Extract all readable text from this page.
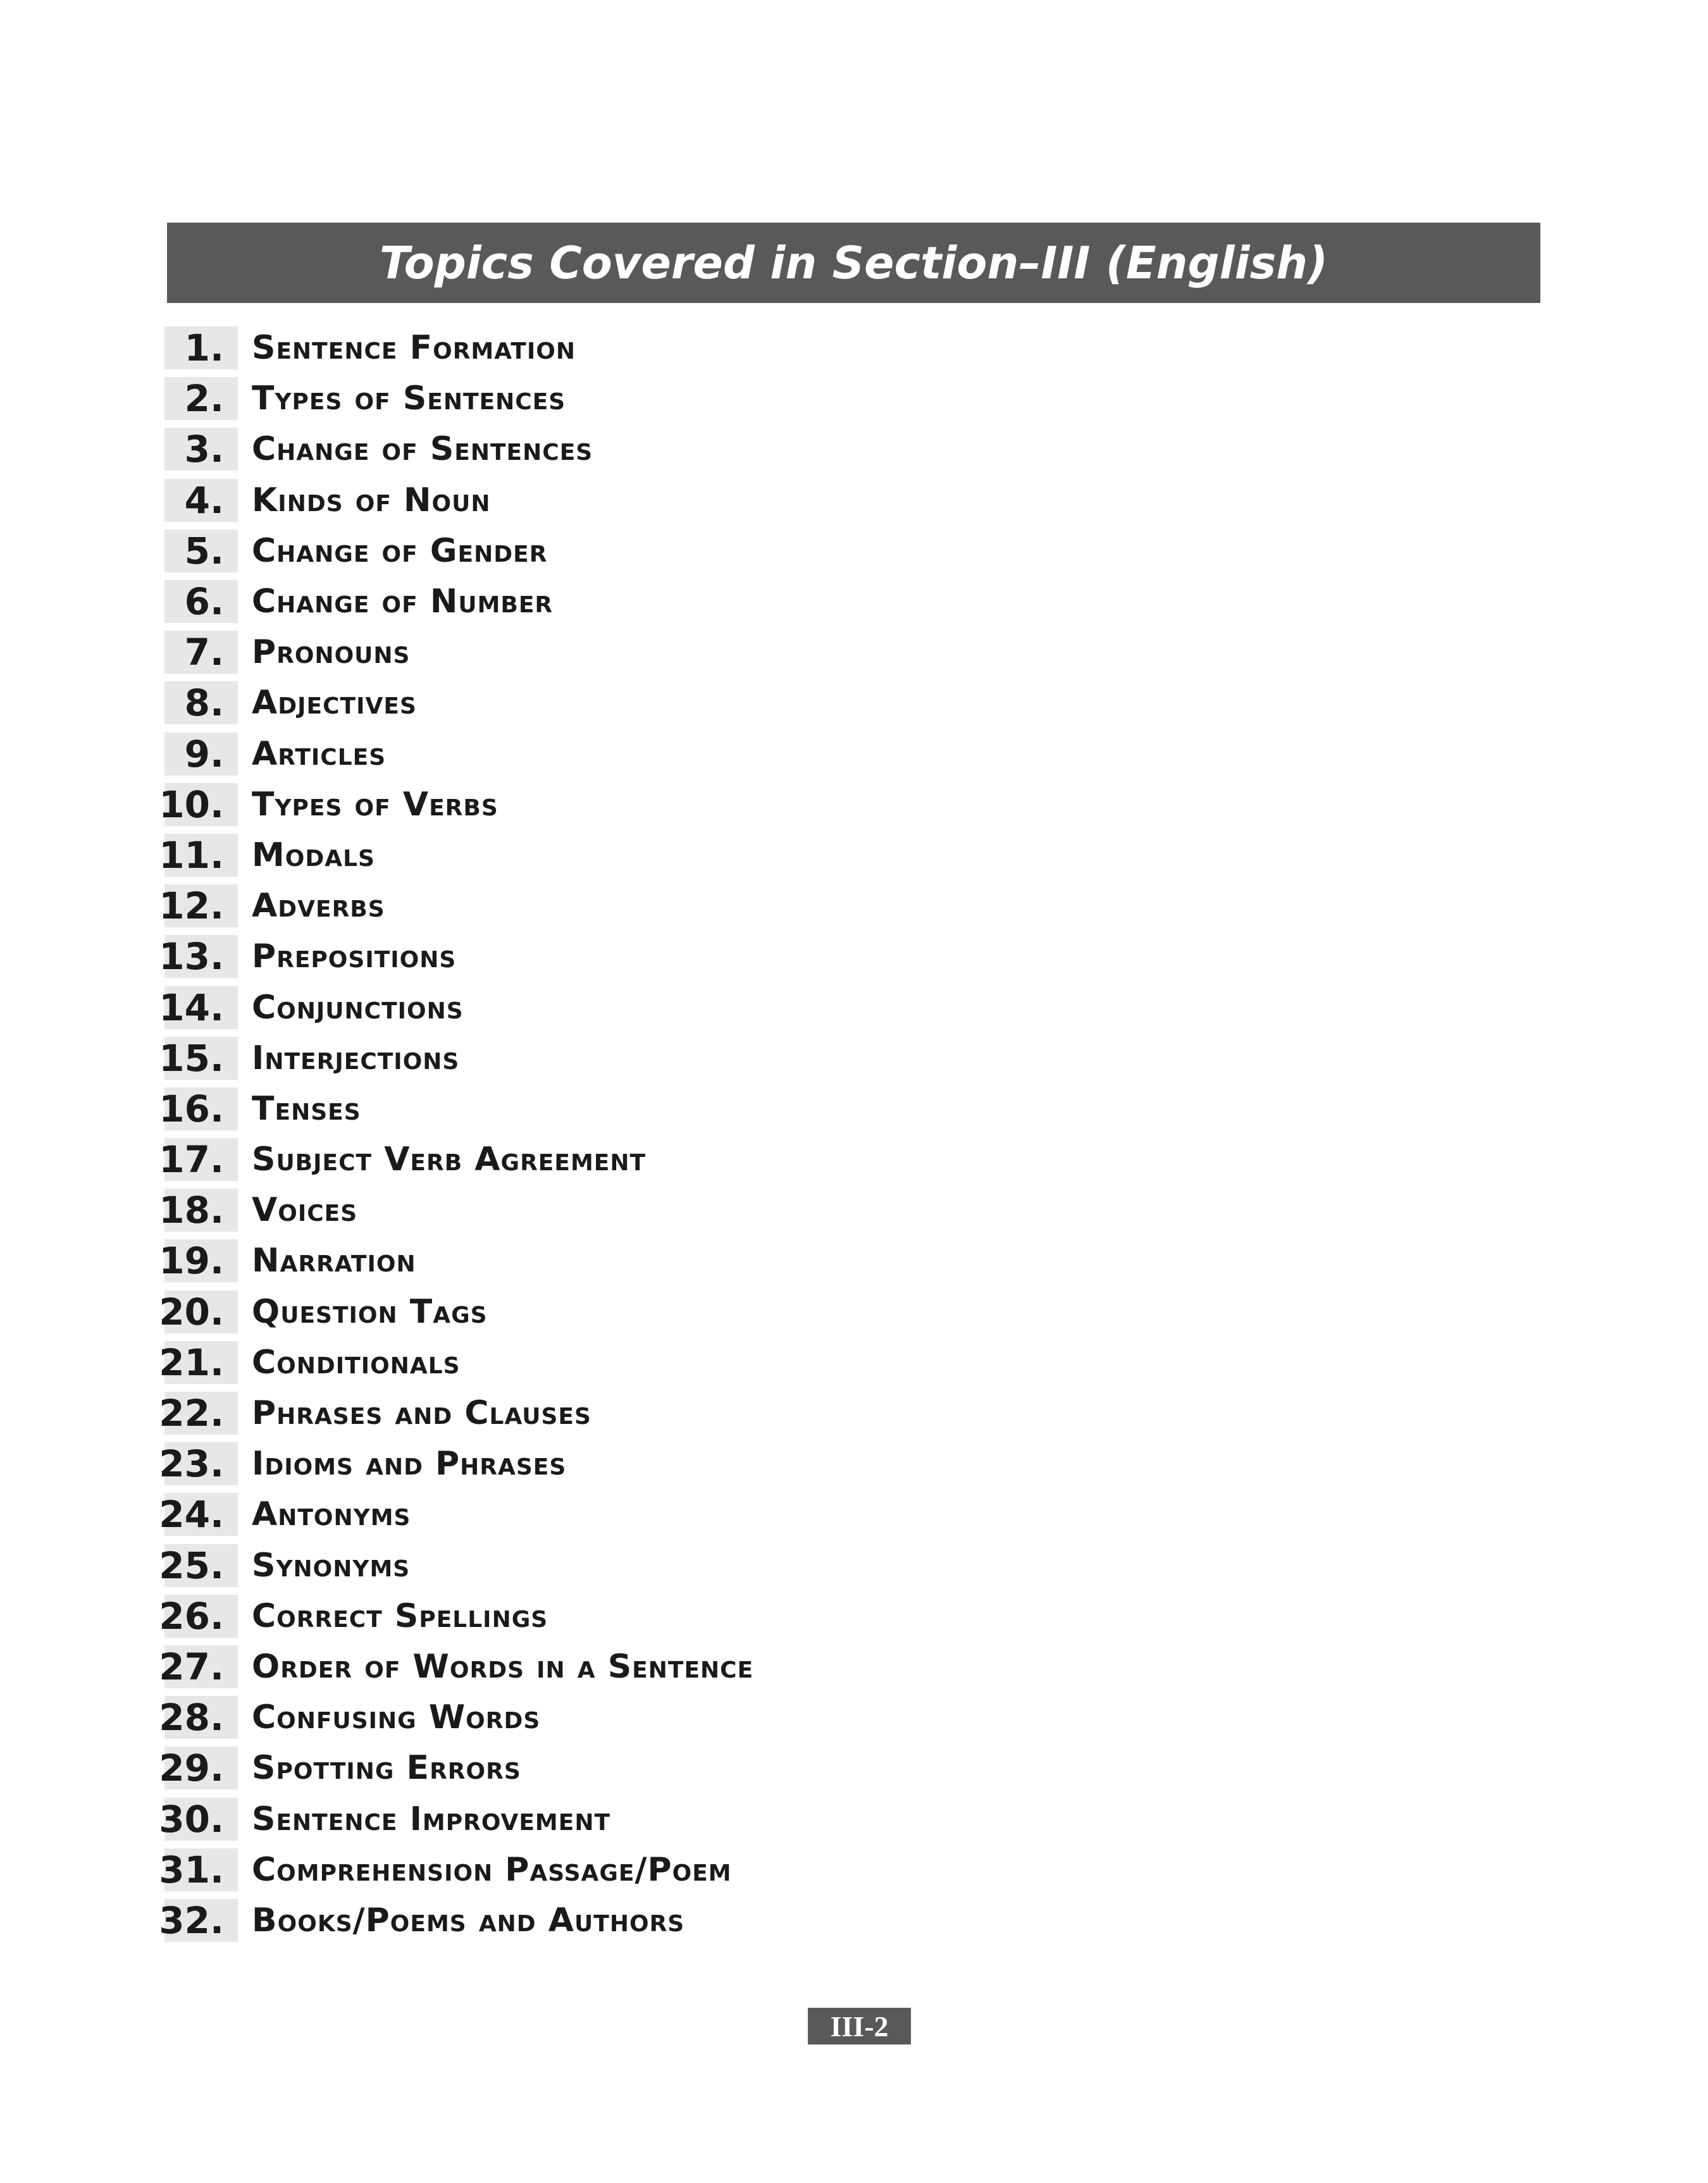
Topics Covered in Section–III (English)
1. Sentence Formation
2. Types of Sentences
3. Change of Sentences
4. Kinds of Noun
5. Change of Gender
6. Change of Number
7. Pronouns
8. Adjectives
9. Articles
10. Types of Verbs
11. Modals
12. Adverbs
13. Prepositions
14. Conjunctions
15. Interjections
16. Tenses
17. Subject Verb Agreement
18. Voices
19. Narration
20. Question Tags
21. Conditionals
22. Phrases and Clauses
23. Idioms and Phrases
24. Antonyms
25. Synonyms
26. Correct Spellings
27. Order of Words in a Sentence
28. Confusing Words
29. Spotting Errors
30. Sentence Improvement
31. Comprehension Passage/Poem
32. Books/Poems and Authors
III-2
